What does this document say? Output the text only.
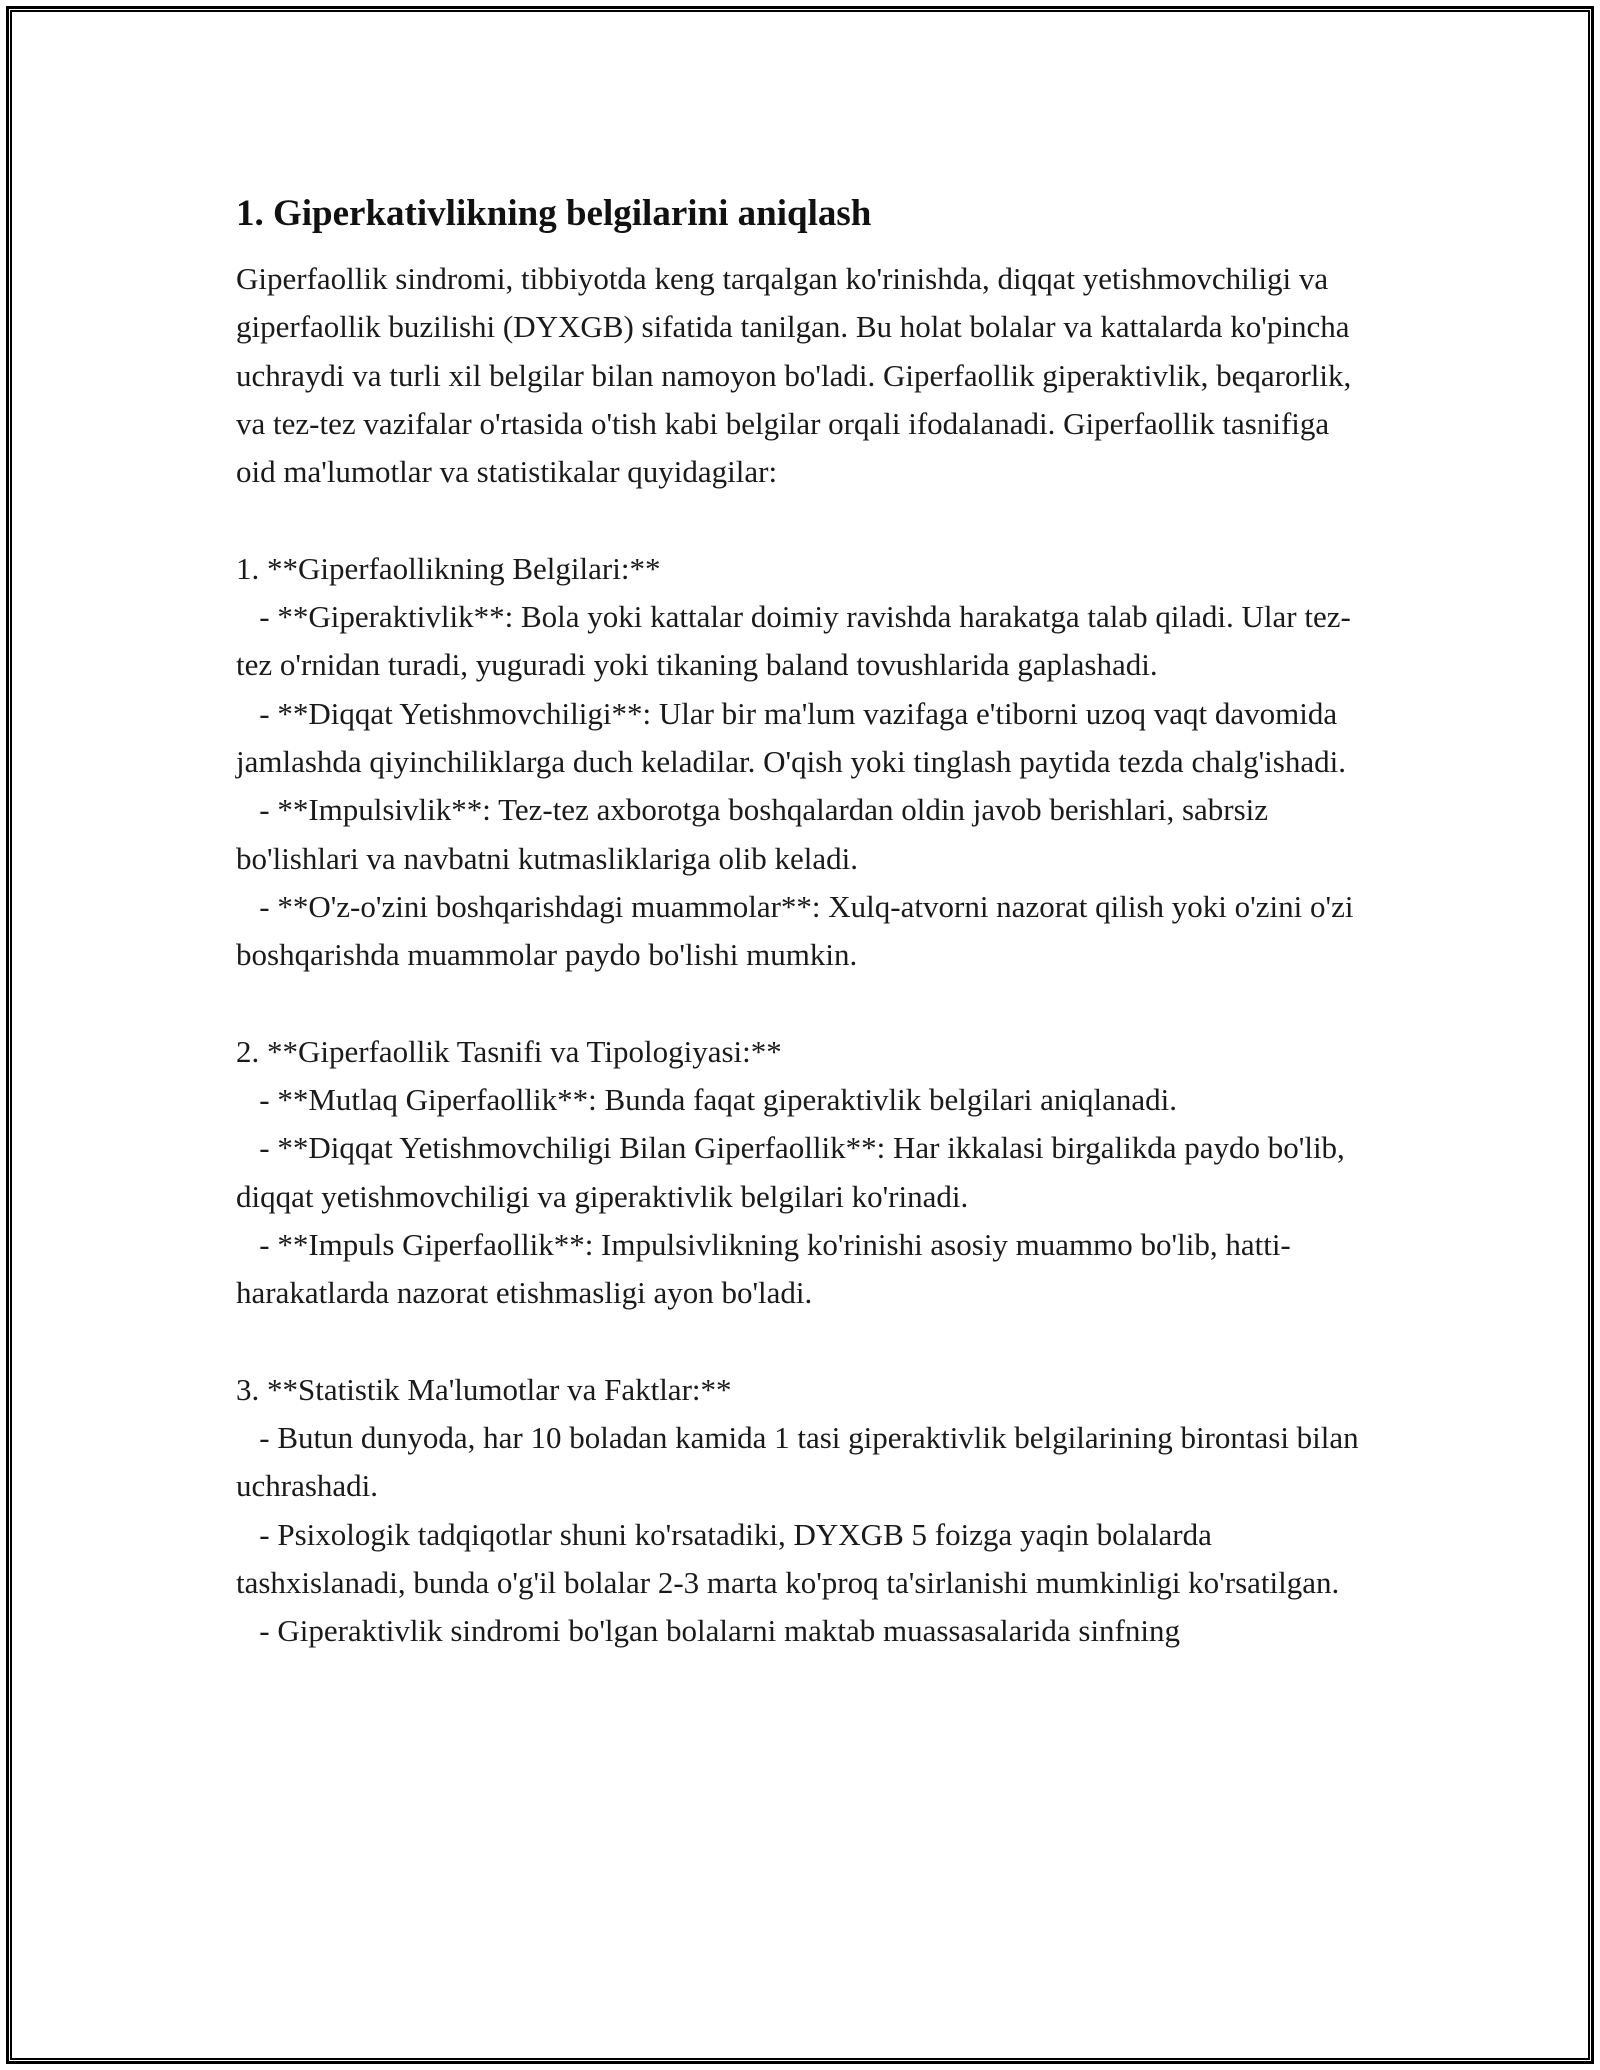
1. Giperkativlikning belgilarini aniqlash

Giperfaollik sindromi, tibbiyotda keng tarqalgan ko'rinishda, diqqat yetishmovchiligi va giperfaollik buzilishi (DYXGB) sifatida tanilgan. Bu holat bolalar va kattalarda ko'pincha uchraydi va turli xil belgilar bilan namoyon bo'ladi. Giperfaollik giperaktivlik, beqarorlik, va tez-tez vazifalar o'rtasida o'tish kabi belgilar orqali ifodalanadi. Giperfaollik tasnifiga oid ma'lumotlar va statistikalar quyidagilar:

1. **Giperfaollikning Belgilari:**
- **Giperaktivlik**: Bola yoki kattalar doimiy ravishda harakatga talab qiladi. Ular tez-tez o'rnidan turadi, yuguradi yoki tikaning baland tovushlarida gaplashadi.
- **Diqqat Yetishmovchiligi**: Ular bir ma'lum vazifaga e'tiborni uzoq vaqt davomida jamlashda qiyinchiliklarga duch keladilar. O'qish yoki tinglash paytida tezda chalg'ishadi.
- **Impulsivlik**: Tez-tez axborotga boshqalardan oldin javob berishlari, sabrsiz bo'lishlari va navbatni kutmasliklariga olib keladi.
- **O'z-o'zini boshqarishdagi muammolar**: Xulq-atvorni nazorat qilish yoki o'zini o'zi boshqarishda muammolar paydo bo'lishi mumkin.

2. **Giperfaollik Tasnifi va Tipologiyasi:**
- **Mutlaq Giperfaollik**: Bunda faqat giperaktivlik belgilari aniqlanadi.
- **Diqqat Yetishmovchiligi Bilan Giperfaollik**: Har ikkalasi birgalikda paydo bo'lib, diqqat yetishmovchiligi va giperaktivlik belgilari ko'rinadi.
- **Impuls Giperfaollik**: Impulsivlikning ko'rinishi asosiy muammo bo'lib, hatti-harakatlarda nazorat etishmasligi ayon bo'ladi.

3. **Statistik Ma'lumotlar va Faktlar:**
- Butun dunyoda, har 10 boladan kamida 1 tasi giperaktivlik belgilarining birontasi bilan uchrashadi.
- Psixologik tadqiqotlar shuni ko'rsatadiki, DYXGB 5 foizga yaqin bolalarda tashxislanadi, bunda o'g'il bolalar 2-3 marta ko'proq ta'sirlanishi mumkinligi ko'rsatilgan.
- Giperaktivlik sindromi bo'lgan bolalarni maktab muassasalarida sinfning
